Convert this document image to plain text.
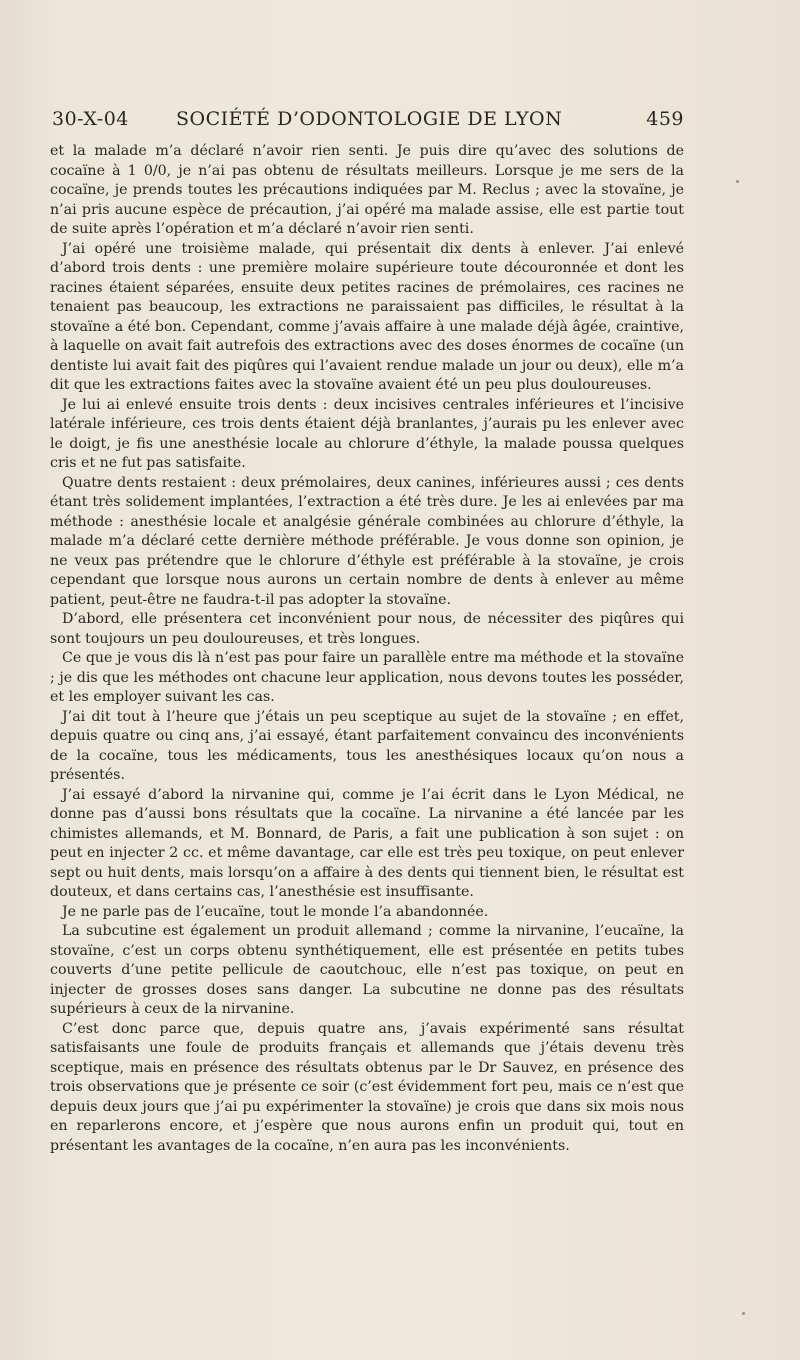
30-X-04 SOCIÉTÉ D’ODONTOLOGIE DE LYON	459

et la malade m’a déclaré n’avoir rien senti. Je puis dire qu’avec des solutions de cocaïne à 1 0/0, je n’ai pas obtenu de résultats meilleurs. Lorsque je me sers de la cocaïne, je prends toutes les précautions indiquées par M. Reclus ; avec la stovaïne, je n’ai pris aucune espèce de précaution, j’ai opéré ma malade assise, elle est partie tout de suite après l’opération et m’a déclaré n’avoir rien senti.

J’ai opéré une troisième malade, qui présentait dix dents à enlever. J’ai enlevé d’abord trois dents : une première molaire supérieure toute découronnée et dont les racines étaient séparées, ensuite deux petites racines de prémolaires, ces racines ne tenaient pas beaucoup, les extractions ne paraissaient pas difficiles, le résultat à la stovaïne a été bon. Cependant, comme j’avais affaire à une malade déjà âgée, craintive, à laquelle on avait fait autrefois des extractions avec des doses énormes de cocaïne (un dentiste lui avait fait des piqûres qui l’avaient rendue malade un jour ou deux), elle m’a dit que les extractions faites avec la stovaïne avaient été un peu plus douloureuses.

Je lui ai enlevé ensuite trois dents : deux incisives centrales inférieures et l’incisive latérale inférieure, ces trois dents étaient déjà branlantes, j’aurais pu les enlever avec le doigt, je fis une anesthésie locale au chlorure d’éthyle, la malade poussa quelques cris et ne fut pas satisfaite.

Quatre dents restaient : deux prémolaires, deux canines, inférieures aussi ; ces dents étant très solidement implantées, l’extraction a été très dure. Je les ai enlevées par ma méthode : anesthésie locale et analgésie générale combinées au chlorure d’éthyle, la malade m’a déclaré cette dernière méthode préférable. Je vous donne son opinion, je ne veux pas prétendre que le chlorure d’éthyle est préférable à la stovaïne, je crois cependant que lorsque nous aurons un certain nombre de dents à enlever au même patient, peut-être ne faudra-t-il pas adopter la stovaïne.

D’abord, elle présentera cet inconvénient pour nous, de nécessiter des piqûres qui sont toujours un peu douloureuses, et très longues.

Ce que je vous dis là n’est pas pour faire un parallèle entre ma méthode et la stovaïne ; je dis que les méthodes ont chacune leur application, nous devons toutes les posséder, et les employer suivant les cas.

J’ai dit tout à l’heure que j’étais un peu sceptique au sujet de la stovaïne ; en effet, depuis quatre ou cinq ans, j’ai essayé, étant parfaitement convaincu des inconvénients de la cocaïne, tous les médicaments, tous les anesthésiques locaux qu’on nous a présentés.

J’ai essayé d’abord la nirvanine qui, comme je l’ai écrit dans le Lyon Médical, ne donne pas d’aussi bons résultats que la cocaïne. La nirvanine a été lancée par les chimistes allemands, et M. Bonnard, de Paris, a fait une publication à son sujet : on peut en injecter 2 cc. et même davantage, car elle est très peu toxique, on peut enlever sept ou huit dents, mais lorsqu’on a affaire à des dents qui tiennent bien, le résultat est douteux, et dans certains cas, l’anesthésie est insuffisante.

Je ne parle pas de l’eucaïne, tout le monde l’a abandonnée.

La subcutine est également un produit allemand ; comme la nirvanine, l’eucaïne, la stovaïne, c’est un corps obtenu synthétiquement, elle est présentée en petits tubes couverts d’une petite pellicule de caoutchouc, elle n’est pas toxique, on peut en injecter de grosses doses sans danger. La subcutine ne donne pas des résultats supérieurs à ceux de la nirvanine.

C’est donc parce que, depuis quatre ans, j’avais expérimenté sans résultat satisfaisants une foule de produits français et allemands que j’étais devenu très sceptique, mais en présence des résultats obtenus par le Dr Sauvez, en présence des trois observations que je présente ce soir (c’est évidemment fort peu, mais ce n’est que depuis deux jours que j’ai pu expérimenter la stovaïne) je crois que dans six mois nous en reparlerons encore, et j’espère que nous aurons enfin un produit qui, tout en présentant les avantages de la cocaïne, n’en aura pas les inconvénients.
